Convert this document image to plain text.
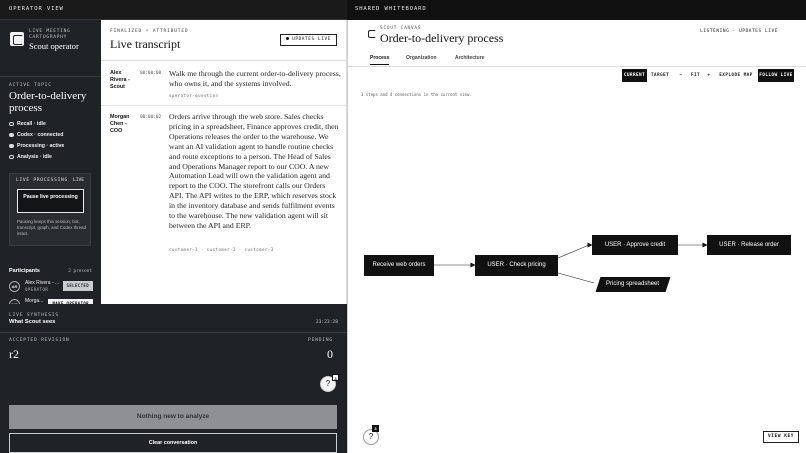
OPERATOR VIEW	SHARED WHITEBOARD
LIVE MEETING
CARTOGRAPHY
Scout operator
ACTIVE TOPIC
Order-to-delivery process
Recall · idle
Codex · connected
Processing · active
Analysis · idle
LIVE PROCESSING LIVE
Pause live processing
Pausing keeps this session, bot, transcript, graph, and Codex thread intact.
Participants	2 present
AR
Alex Rivera - ...
OPERATOR
SELECTED
Morga...
FINALIZED + ATTRIBUTED
Live transcript	UPDATES LIVE
Alex Rivera - Scout
00:00:00 Walk me through the current order-to-delivery process, who owns it, and the systems involved.
operator-question
Morgan Chen - COO
00:00:02 Orders arrive through the web store. Sales checks pricing in a spreadsheet, Finance approves credit, then Operations releases the order to the warehouse. We want an AI validation agent to handle routine checks and route exceptions to a person. The Head of Sales and Operations Manager report to our COO. A new Automation Lead will own the validation agent and report to the COO. The storefront calls our Orders API. The API writes to the ERP, which reserves stock in the inventory database and sends fulfilment events to the warehouse. The new validation agent will sit between the API and ERP.
customer-1 · customer-2 · customer-3
LIVE SYNTHESIS
What Scout sees	23:23:28
ACCEPTED REVISION
r2
PENDING
0
?
3
Nothing new to analyze
Clear conversation
SCOUT CANVAS
Order-to-delivery process	LISTENING · UPDATES LIVE
Process	Organization	Architecture
CURRENT	TARGET	−	FIT	+	EXPLODE MAP FOLLOW LIVE
3 steps and 4 connections in the current view.
Receive web orders	USER · Check pricing
USER · Approve credit	USER · Release order
Pricing spreadsheet
?
3
VIEW KEY
